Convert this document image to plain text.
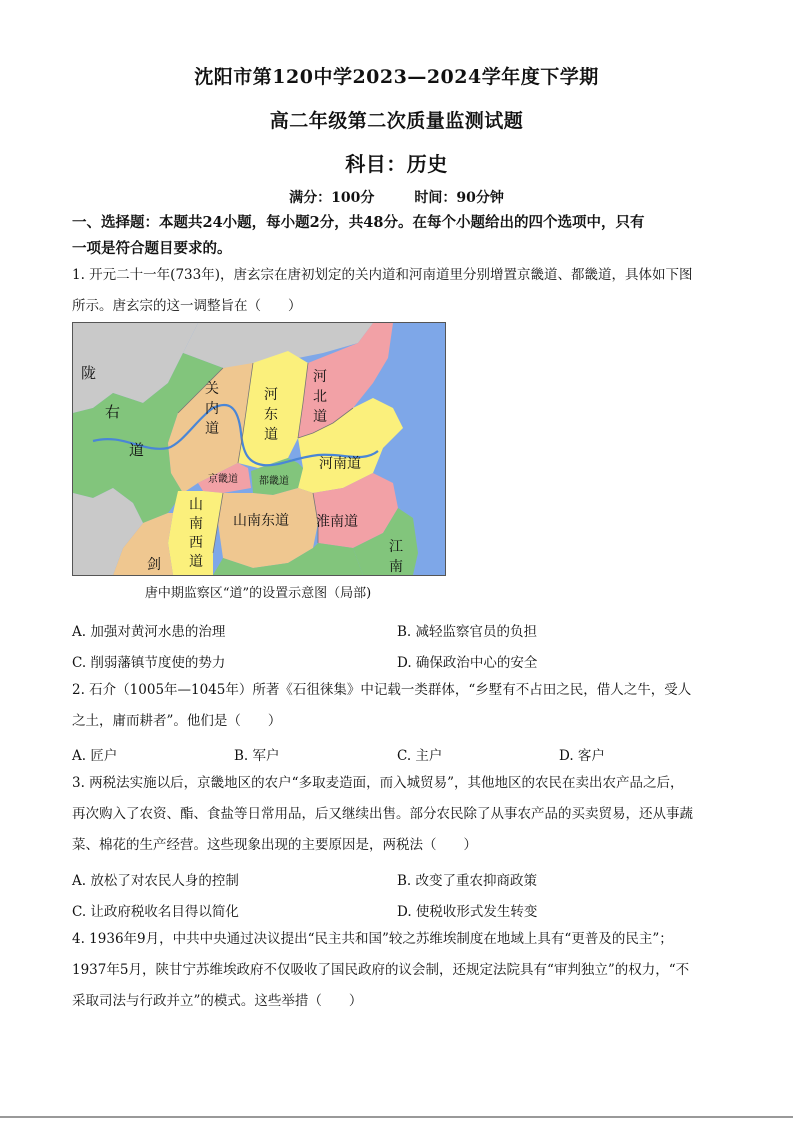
沈阳市第120中学2023—2024学年度下学期
高二年级第二次质量监测试题
科目：历史
满分：100分	时间：90分钟
一、选择题：本题共24小题，每小题2分，共48分。在每个小题给出的四个选项中，只有
一项是符合题目要求的。
1. 开元二十一年(733年)，唐玄宗在唐初划定的关内道和河南道里分别增置京畿道、都畿道，具体如下图
所示。唐玄宗的这一调整旨在（　　）
陇
右
道
关
内
道
河
东
道
河
北
道
河南道
京畿道 都畿道
山
南
西
道
山南东道 淮南道
江
南
剑
唐中期监察区“道”的设置示意图（局部)
A. 加强对黄河水患的治理	B. 减轻监察官员的负担
C. 削弱藩镇节度使的势力	D. 确保政治中心的安全
2. 石介（1005年—1045年）所著《石徂徕集》中记载一类群体，“乡墅有不占田之民，借人之牛，受人
之土，庸而耕者”。他们是（　　）
A. 匠户	B. 军户	C. 主户	D. 客户
3. 两税法实施以后，京畿地区的农户“多取麦造面，而入城贸易”，其他地区的农民在卖出农产品之后，
再次购入了农资、酯、食盐等日常用品，后又继续出售。部分农民除了从事农产品的买卖贸易，还从事蔬
菜、棉花的生产经营。这些现象出现的主要原因是，两税法（　　）
A. 放松了对农民人身的控制	B. 改变了重农抑商政策
C. 让政府税收名目得以简化	D. 使税收形式发生转变
4. 1936年9月，中共中央通过决议提出“民主共和国”较之苏维埃制度在地域上具有“更普及的民主”；
1937年5月，陕甘宁苏维埃政府不仅吸收了国民政府的议会制，还规定法院具有“审判独立”的权力，“不
采取司法与行政并立”的模式。这些举措（　　）
